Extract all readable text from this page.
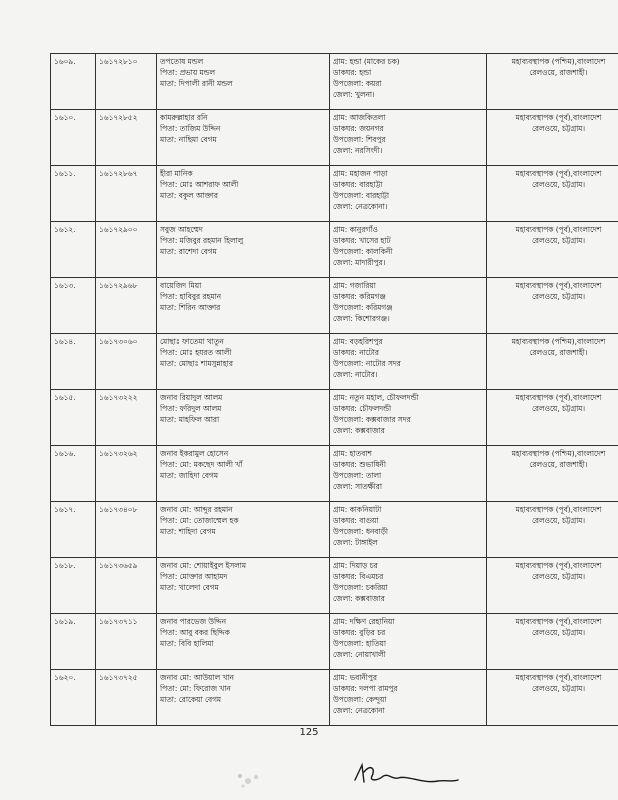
১৬০৯.	১৬১৭২৮১০	তপতোষ মন্ডল
পিতা: প্রভায় মন্ডল
মাতা: দিপালী রানী মন্ডল	গ্রাম: হন্ডা (মাকের চক)
ডাকঘর: হন্ডা
উপজেলা: কয়রা
জেলা: খুলনা।	মহাব্যবস্থাপক (পশ্চিম),বাংলাদেশ
রেলওয়ে, রাজশাহী।

১৬১০.	১৬১৭২৮৫২	কামরুল্লাহার রনি
পিতা: তাজিম উদ্দিন
মাতা: নাছিমা বেগম	গ্রাম: আজকিতলা
ডাকঘর: জয়নগর
উপজেলা: শিবপুর
জেলা: নরসিংদী।	মহাব্যবস্থাপক (পূর্ব),বাংলাদেশ
রেলওয়ে, চট্টগ্রাম।

১৬১১.	১৬১৭২৮৬৭	হীরা মানিক
পিতা: মোঃ আশরাফ আলী
মাতা: বকুল আক্তার	গ্রাম: মহাজন পাড়া
ডাকঘর: বারহাট্টা
উপজেলা: বারহাট্টা
জেলা: নেত্রকোনা।	মহাব্যবস্থাপক (পূর্ব),বাংলাদেশ
রেলওয়ে, চট্টগ্রাম।

১৬১২.	১৬১৭২৯০০	সবুজ আহম্মেদ
পিতা: মজিবুর রহমান হিলালু
মাতা: রাশেদা বেগম	গ্রাম: কানুরগাঁও
ডাকঘর: খাসের হাট
উপজেলা: কালকিনী
জেলা: মাদারীপুর।	মহাব্যবস্থাপক (পূর্ব),বাংলাদেশ
রেলওয়ে, চট্টগ্রাম।

১৬১৩.	১৬১৭২৯৬৮	বায়েজিদ মিয়া
পিতা: হাবিবুর রহমান
মাতা: শিরিন আক্তার	গ্রাম: গজারিয়া
ডাকঘর: করিমগঞ্জ
উপজেলা: করিমগঞ্জ
জেলা: কিশোরগঞ্জ।	মহাব্যবস্থাপক (পূর্ব),বাংলাদেশ
রেলওয়ে, চট্টগ্রাম।

১৬১৪.	১৬১৭৩০৬০	মোছাঃ ফাতেমা খাতুন
পিতা: মোঃ হযরত আলী
মাতা: মোছাঃ শামসুন্নাহার	গ্রাম: বড়হরিশপুর
ডাকঘর: নাটোর
উপজেলা: নাটোর সদর
জেলা: নাটোর।	মহাব্যবস্থাপক (পশ্চিম),বাংলাদেশ
রেলওয়ে, রাজশাহী।

১৬১৫.	১৬১৭৩২২২	জনাব রিয়াদুল আলম
পিতা: ফরিদুল আলম
মাতা: মাহফিল আরা	গ্রাম: নতুন মহাল, চৌফলদন্ডী
ডাকঘর: চৌফলদন্ডী
উপজেলা: কক্সবাজার সদর
জেলা: কক্সবাজার	মহাব্যবস্থাপক (পূর্ব),বাংলাদেশ
রেলওয়ে, চট্টগ্রাম।

১৬১৬.	১৬১৭৩২৬২	জনাব ইকরামুল হোসেন
পিতা: মো: মকছেদ আলী খাঁ
মাতা: জাহিদা বেগম	গ্রাম: হাতবাশ
ডাকঘর: শুভাষিনী
উপজেলা: তালা
জেলা: সাতক্ষীরা	মহাব্যবস্থাপক (পশ্চিম),বাংলাদেশ
রেলওয়ে, রাজশাহী।

১৬১৭.	১৬১৭৩৪০৮	জনাব মো: আব্দুর রহমান
পিতা: মো: তোজাম্মেল হক
মাতা: শাহিদা বেগম	গ্রাম: কাকনিয়াটা
ডাকঘর: বাগুয়া
উপজেলা: ধনবাড়ী
জেলা: টাঙ্গাইল	মহাব্যবস্থাপক (পূর্ব),বাংলাদেশ
রেলওয়ে, চট্টগ্রাম।

১৬১৮.	১৬১৭৩৬৫৯	জনাব মো: শোয়াইবুল ইসলাম
পিতা: মোক্তার আহামদ
মাতা: খালেদা বেগম	গ্রাম: দিয়াড় চর
ডাকঘর: বিএমচর
উপজেলা: চকরিয়া
জেলা: কক্সবাজার	মহাব্যবস্থাপক (পূর্ব),বাংলাদেশ
রেলওয়ে, চট্টগ্রাম।

১৬১৯.	১৬১৭৩৭১১	জনাব পারভেজ উদ্দিন
পিতা: আবু বকর ছিদ্দিক
মাতা: বিবি হালিমা	গ্রাম: দক্ষিণ রেহানিয়া
ডাকঘর: বুড়ির চর
উপজেলা: হাতিয়া
জেলা: নোয়াখালী	মহাব্যবস্থাপক (পূর্ব),বাংলাদেশ
রেলওয়ে, চট্টগ্রাম।

১৬২০.	১৬১৭৩৭২৫	জনাব মো: আউয়াল খান
পিতা: মো: ফিরোজ খান
মাতা: রোকেয়া বেগম	গ্রাম: ভবানীপুর
ডাকঘর: দলপা রামপুর
উপজেলা: কেন্দুয়া
জেলা: নেত্রকোনা	মহাব্যবস্থাপক (পূর্ব),বাংলাদেশ
রেলওয়ে, চট্টগ্রাম।
125
